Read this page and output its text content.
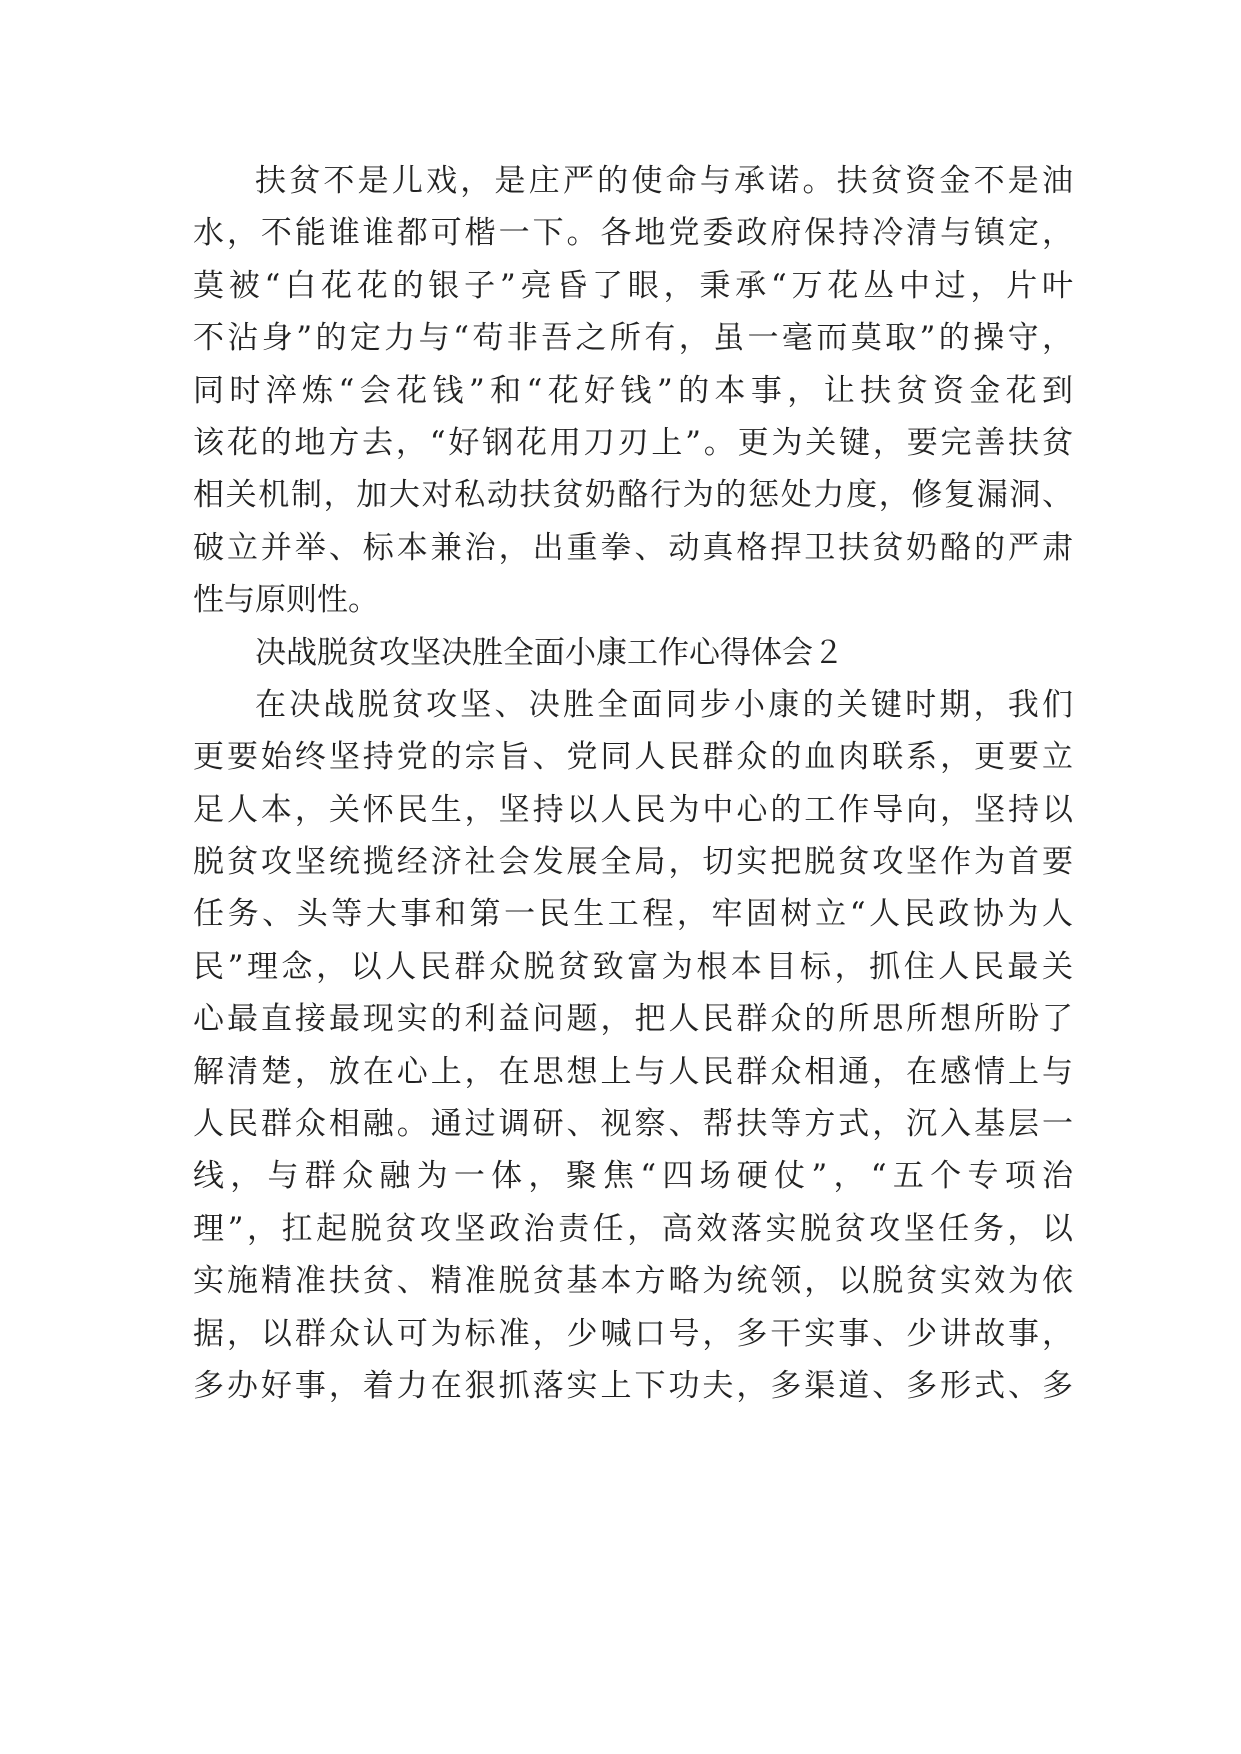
扶贫不是儿戏，是庄严的使命与承诺。扶贫资金不是油
水，不能谁谁都可楷一下。各地党委政府保持冷清与镇定，
莫被“白花花的银子”亮昏了眼，秉承“万花丛中过，片叶
不沾身”的定力与“苟非吾之所有，虽一毫而莫取”的操守，
同时淬炼“会花钱”和“花好钱”的本事，让扶贫资金花到
该花的地方去，“好钢花用刀刃上”。更为关键，要完善扶贫
相关机制，加大对私动扶贫奶酪行为的惩处力度，修复漏洞、
破立并举、标本兼治，出重拳、动真格捍卫扶贫奶酪的严肃
性与原则性。
决战脱贫攻坚决胜全面小康工作心得体会２
在决战脱贫攻坚、决胜全面同步小康的关键时期，我们
更要始终坚持党的宗旨、党同人民群众的血肉联系，更要立
足人本，关怀民生，坚持以人民为中心的工作导向，坚持以
脱贫攻坚统揽经济社会发展全局，切实把脱贫攻坚作为首要
任务、头等大事和第一民生工程，牢固树立“人民政协为人
民”理念，以人民群众脱贫致富为根本目标，抓住人民最关
心最直接最现实的利益问题，把人民群众的所思所想所盼了
解清楚，放在心上，在思想上与人民群众相通，在感情上与
人民群众相融。通过调研、视察、帮扶等方式，沉入基层一
线，与群众融为一体，聚焦“四场硬仗”，“五个专项治
理”，扛起脱贫攻坚政治责任，高效落实脱贫攻坚任务，以
实施精准扶贫、精准脱贫基本方略为统领，以脱贫实效为依
据，以群众认可为标准，少喊口号，多干实事、少讲故事，
多办好事，着力在狠抓落实上下功夫，多渠道、多形式、多
